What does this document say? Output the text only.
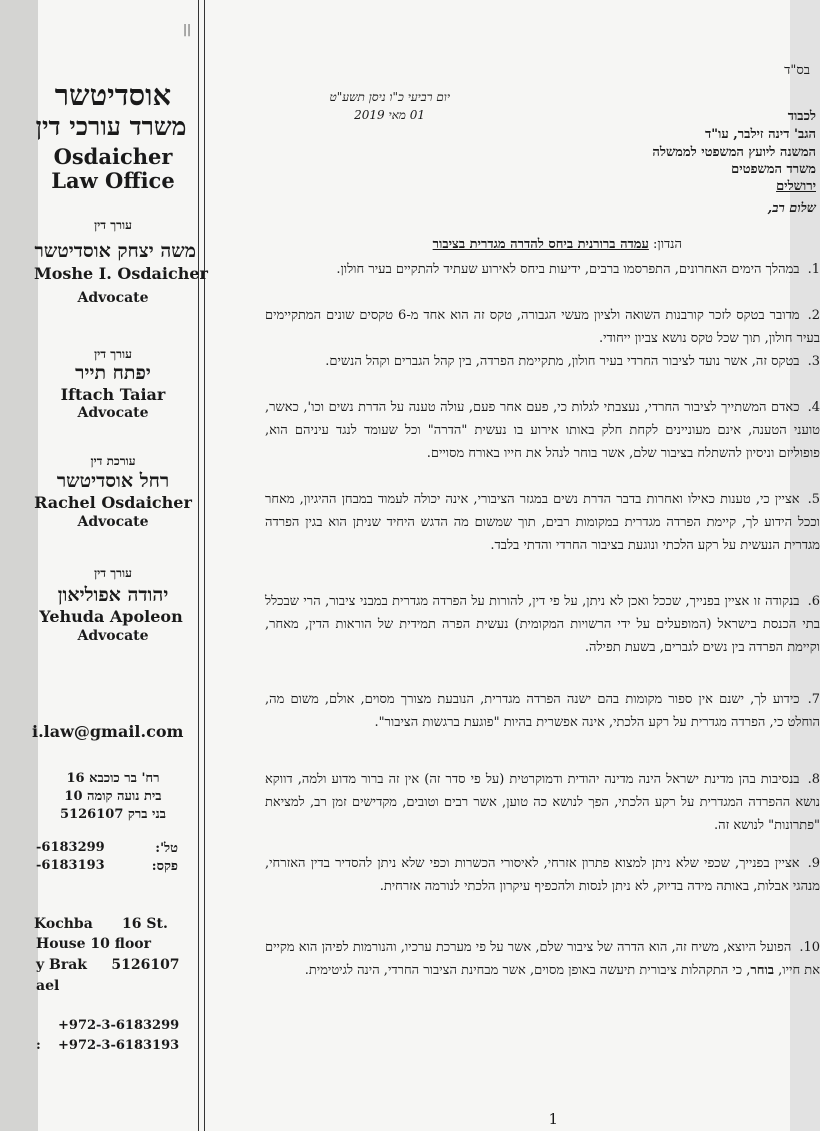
||
אוסדיטשר
משרד עורכי דין
Osdaicher
Law Office
עורך דין
משה יצחק אוסדיטשר
Moshe I. Osdaicher
Advocate
עורך דין
יפתח תייר
Iftach Taiar
Advocate
עורכת דין
רחל אוסדיטשר
Rachel Osdaicher
Advocate
עורך דין
יהודה אפוליאון
Yehuda Apoleon
Advocate
i.law@gmail.com
רח' בר כוכבא 16
בית נועה קומה 10
בני ברק 5126107
-6183299	טל':
-6183193	פקס:
Kochba      16 St.
House 10 floor
y Brak     5126107
ael
+972-3-6183299
:	+972-3-6183193
בס"ד
יום רביעי כ"ו ניסן תשע"ט
01 מאי 2019	לכבוד
הגב' דינה זילבר, עו"ד
המשנה ליועץ המשפטי לממשלה
משרד המשפטים
ירושלים
שלום רב,
הנדון: עמדה ברורנית ביחס להדרה מגדרית בציבור
1.במהלך הימים האחרונים, התפרסמו ברבים, ידיעות ביחס לאירוע שעתיד להתקיים בעיר חולון.
2.מדובר בטקס לזכר קורבנות השואה ולציון מעשי הגבורה, טקס זה הוא אחד מ-6 טקסים שונים המתקיימים בעיר חולון, תוך שכל טקס נושא צביון ייחודי.
3.בטקס זה, אשר נועד לציבור החרדי בעיר חולון, מתקיימת הפרדה, בין קהל הגברים וקהל הנשים.
4.כאדם המשתייך לציבור החרדי, נעצבתי לגלות כי, פעם אחר פעם, עולה טענה על הדרת נשים וכו', כאשר, טועני הטענה, אינם מעוניינים לקחת חלק באותו אירוע בו נעשית "הדרה" וכל שעומד לנגד עיניהם הוא, פופוליזם וניסיון להשתלח בציבור שלם, אשר בוחר לנהל את חייו באורח מסויים.
5.אציין כי, טענות כאילו ואחרות בדבר הדרת נשים במגזר הציבורי, אינה יכולה לעמוד במבחן ההיגיון, מאחר וככל הידוע לך, קיימת הפרדה מגדרית במקומות רבים, תוך שמשום מה הדגש היחיד שניתן הוא בגין הפרדה מגדרית הנעשית על רקע הלכתי ונוגעת בציבור החרדי והדתי בלבד.
6.בנקודה זו אציין בפנייך, שככל ואכן לא ניתן, על פי דין, להורות על הפרדה מגדרית במבני ציבור, הרי שבכלל בתי הכנסת בישראל (המופעלים על ידי הרשויות המקומית) נעשית הפרה תמידית של הוראות הדין, מאחר, וקיימת הפרדה בין נשים לגברים, בשעת תפילה.
7.כידוע לך, ישנם אין ספור מקומות בהם ישנה הפרדה מגדרית, הנובעת מצורך מסוים, אולם, משום מה, הוחלט כי, הפרדה מגדרית על רקע הלכתי, אינה אפשרית בהיות "פוגעת ברגשות הציבור".
8.בנסיבות בהן מדינת ישראל הינה מדינה יהודית ודמוקרטית (על פי סדר זה) אין זה ברור מדוע ולמה, דווקא נושא ההפרדה המגדרית על רקע הלכתי, הפך לנושא כה טוען, אשר רבים וטובים, מקדישים זמן רב, למציאת "פתרונות" לנושא זה.
9.אציין בפנייך, שכפי שלא ניתן למצוא פתרון אזרחי, לאיסורי הכשרות וכפי שלא ניתן להסדיר בדין האזרחי, מנהגי אבלות, באותה מידה בדיוק, לא ניתן לנסות ולהכפיף עיקרון הלכתי לנורמה אזרחית.
10.הפועל היוצא, משיח זה, הוא הדרה של ציבור שלם, אשר על פי מערכת ערכיו, והנורמות לפיהן הוא מקיים את חייו, בוחר, כי התקהלות ציבורית תיעשה באופן מסוים, אשר מבחינת הציבור החרדי, הינה לגיטימית.
1
